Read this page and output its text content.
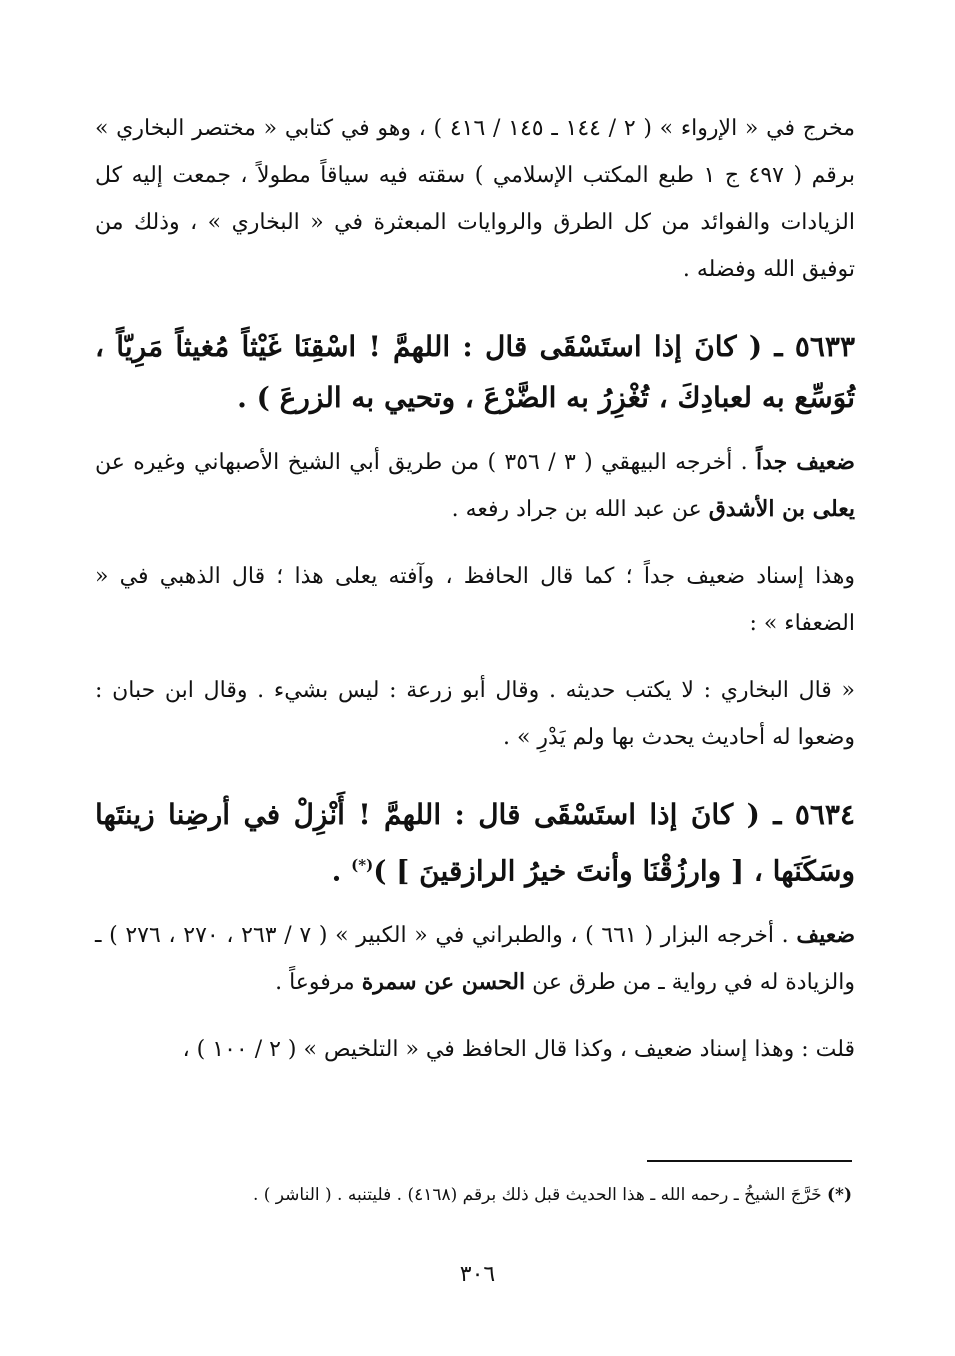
مخرج في « الإرواء » ( ٢ / ١٤٤ ـ ١٤٥ / ٤١٦ ) ، وهو في كتابي « مختصر البخاري » برقم ( ٤٩٧ ج ١ طبع المكتب الإسلامي ) سقته فيه سياقاً مطولاً ، جمعت إليه كل الزيادات والفوائد من كل الطرق والروايات المبعثرة في « البخاري » ، وذلك من توفيق الله وفضله .

٥٦٣٣ ـ ( كانَ إذا استَسْقَى قال : اللهمَّ ! اسْقِنَا غَيْثاً مُغيثاً مَرِيّاً ، تُوَسِّع به لعبادِكَ ، تُغْزِرُ به الضَّرْعَ ، وتحيي به الزرعَ ) .

ضعيف جداً . أخرجه البيهقي ( ٣ / ٣٥٦ ) من طريق أبي الشيخ الأصبهاني وغيره عن يعلى بن الأشدق عن عبد الله بن جراد رفعه .

وهذا إسناد ضعيف جداً ؛ كما قال الحافظ ، وآفته يعلى هذا ؛ قال الذهبي في « الضعفاء » :

« قال البخاري : لا يكتب حديثه . وقال أبو زرعة : ليس بشيء . وقال ابن حبان : وضعوا له أحاديث يحدث بها ولم يَدْرِ » .

٥٦٣٤ ـ ( كانَ إذا استَسْقَى قال : اللهمَّ ! أَنْزِلْ في أرضِنا زينتَها وسَكَنَها ، [ وارزُقْنَا وأنتَ خيرُ الرازقينَ ] )(*) .

ضعيف . أخرجه البزار ( ٦٦١ ) ، والطبراني في « الكبير » ( ٧ / ٢٦٣ ، ٢٧٠ ، ٢٧٦ ) ـ والزيادة له في رواية ـ من طرق عن الحسن عن سمرة مرفوعاً .

قلت : وهذا إسناد ضعيف ، وكذا قال الحافظ في « التلخيص » ( ٢ / ١٠٠ ) ،

(*) خَرَّجَ الشيخُ ـ رحمه الله ـ هذا الحديث قبل ذلك برقم (٤١٦٨) . فليتنبه . ( الناشر ) .
٣٠٦
